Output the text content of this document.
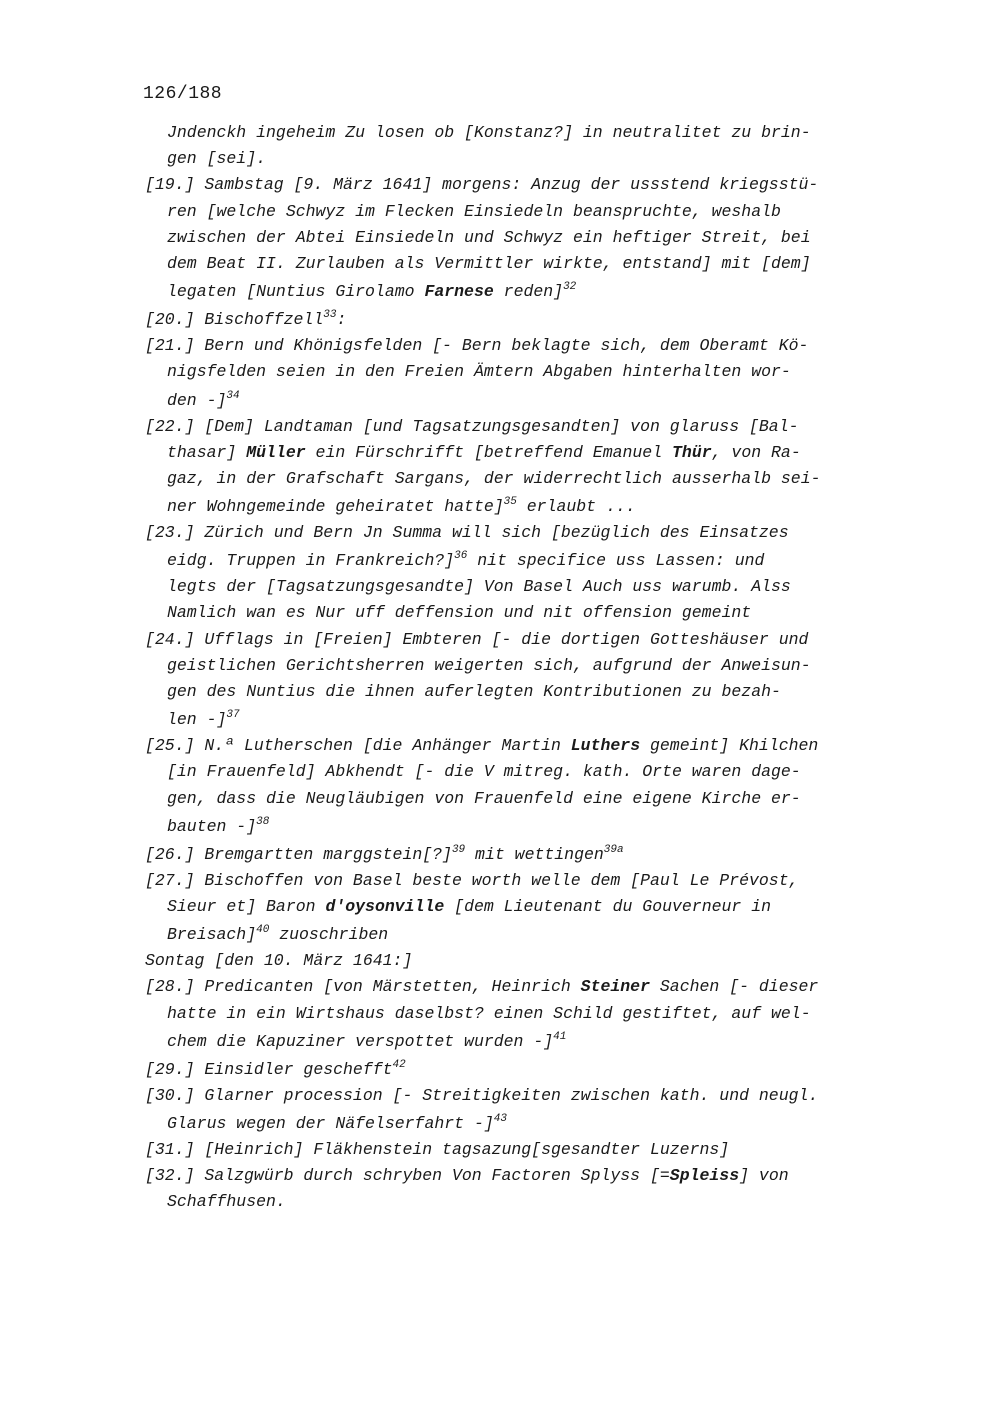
126/188
Jndenckh ingeheim Zu losen ob [Konstanz?] in neutralitet zu brin-
gen [sei].
[19.] Sambstag [9. März 1641] morgens: Anzug der ussstend kriegsstü-
ren [welche Schwyz im Flecken Einsiedeln beanspruchte, weshalb
zwischen der Abtei Einsiedeln und Schwyz ein heftiger Streit, bei
dem Beat II. Zurlauben als Vermittler wirkte, entstand] mit [dem]
legaten [Nuntius Girolamo Farnese reden]$^{32}$
[20.] Bischoffzell$^{33}$:
[21.] Bern und Khönigsfelden [- Bern beklagte sich, dem Oberamt Kö-
nigsfelden seien in den Freien Ämtern Abgaben hinterhalten wor-
den -]$^{34}$
[22.] [Dem] Landtaman [und Tagsatzungsgesandten] von glaruss [Bal-
thasar] Müller ein Fürschrifft [betreffend Emanuel Thür, von Ra-
gaz, in der Grafschaft Sargans, der widerrechtlich ausserhalb sei-
ner Wohngemeinde geheiratet hatte]$^{35}$ erlaubt ...
[23.] Zürich und Bern Jn Summa will sich [bezüglich des Einsatzes
eidg. Truppen in Frankreich?]$^{36}$ nit specifice uss Lassen: und
legts der [Tagsatzungsgesandte] Von Basel Auch uss warumb. Alss
Namlich wan es Nur uff deffension und nit offension gemeint
[24.] Ufflags in [Freien] Embteren [- die dortigen Gotteshäuser und
geistlichen Gerichtsherren weigerten sich, aufgrund der Anweisun-
gen des Nuntius die ihnen auferlegten Kontributionen zu bezah-
len -]$^{37}$
[25.] N.ª Lutherschen [die Anhänger Martin Luthers gemeint] Khilchen
[in Frauenfeld] Abkhendt [- die V mitreg. kath. Orte waren dage-
gen, dass die Neugläubigen von Frauenfeld eine eigene Kirche er-
bauten -]$^{38}$
[26.] Bremgartten marggstein[?]$^{39}$ mit wettingen$^{39a}$
[27.] Bischoffen von Basel beste worth welle dem [Paul Le Prévost,
Sieur et] Baron d'oysonville [dem Lieutenant du Gouverneur in
Breisach]$^{40}$ zuoschriben
Sontag [den 10. März 1641:]
[28.] Predicanten [von Märstetten, Heinrich Steiner Sachen [- dieser
hatte in ein Wirtshaus daselbst? einen Schild gestiftet, auf wel-
chem die Kapuziner verspottet wurden -]$^{41}$
[29.] Einsidler geschefft$^{42}$
[30.] Glarner procession [- Streitigkeiten zwischen kath. und neugl.
Glarus wegen der Näfelserfahrt -]$^{43}$
[31.] [Heinrich] Fläkhenstein tagsazung[sgesandter Luzerns]
[32.] Salzgwürb durch schryben Von Factoren Splyss [=Spleiss] von
Schaffhusen.
